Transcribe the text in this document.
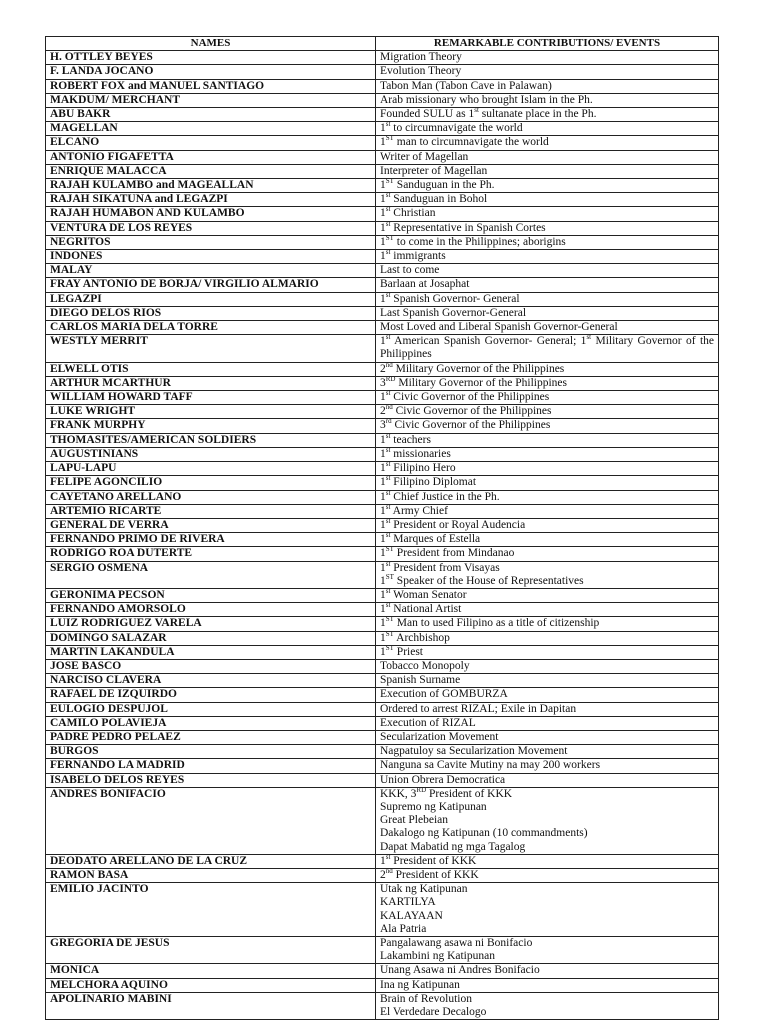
NAMES	REMARKABLE CONTRIBUTIONS/ EVENTS
H. OTTLEY BEYES	Migration Theory

F. LANDA JOCANO	Evolution Theory

ROBERT FOX and MANUEL SANTIAGO	Tabon Man (Tabon Cave in Palawan)

MAKDUM/ MERCHANT	Arab missionary who brought Islam in the Ph.

ABU BAKR	Founded SULU as 1st sultanate place in the Ph.

MAGELLAN	1st to circumnavigate the world

ELCANO	1ST man to circumnavigate the world

ANTONIO FIGAFETTA	Writer of Magellan

ENRIQUE MALACCA	Interpreter of Magellan

RAJAH KULAMBO and MAGEALLAN	1ST Sanduguan in the Ph.

RAJAH SIKATUNA and LEGAZPI	1st Sanduguan in Bohol

RAJAH HUMABON AND KULAMBO	1st Christian

VENTURA DE LOS REYES	1st Representative in Spanish Cortes

NEGRITOS	1ST to come in the Philippines; aborigins

INDONES	1st immigrants

MALAY	Last to come

FRAY ANTONIO DE BORJA/ VIRGILIO ALMARIO	Barlaan at Josaphat

LEGAZPI	1st Spanish Governor- General

DIEGO DELOS RIOS	Last Spanish Governor-General

CARLOS MARIA DELA TORRE	Most Loved and Liberal Spanish Governor-General

WESTLY MERRIT	1st American Spanish Governor- General; 1st Military Governor of the Philippines

ELWELL OTIS	2nd Military Governor of the Philippines

ARTHUR MCARTHUR	3RD Military Governor of the Philippines

WILLIAM HOWARD TAFF	1st Civic Governor of the Philippines

LUKE WRIGHT	2nd Civic Governor of the Philippines

FRANK MURPHY	3rd Civic Governor of the Philippines

THOMASITES/AMERICAN SOLDIERS	1st teachers

AUGUSTINIANS	1st missionaries

LAPU-LAPU	1st Filipino Hero

FELIPE AGONCILIO	1st Filipino Diplomat

CAYETANO ARELLANO	1st Chief Justice in the Ph.

ARTEMIO RICARTE	1st Army Chief

GENERAL DE VERRA	1st President or Royal Audencia

FERNANDO PRIMO DE RIVERA	1st Marques of Estella

RODRIGO ROA DUTERTE	1ST President from Mindanao

SERGIO OSMENA	1st President from Visayas
1ST Speaker of the House of Representatives

GERONIMA PECSON	1st Woman Senator

FERNANDO AMORSOLO	1st National Artist

LUIZ RODRIGUEZ VARELA	1ST Man to used Filipino as a title of citizenship

DOMINGO SALAZAR	1ST Archbishop

MARTIN LAKANDULA	1ST Priest

JOSE BASCO	Tobacco Monopoly

NARCISO CLAVERA	Spanish Surname

RAFAEL DE IZQUIRDO	Execution of GOMBURZA

EULOGIO DESPUJOL	Ordered to arrest RIZAL; Exile in Dapitan

CAMILO POLAVIEJA	Execution of RIZAL

PADRE PEDRO PELAEZ	Secularization Movement

BURGOS	Nagpatuloy sa Secularization Movement

FERNANDO LA MADRID	Nanguna sa Cavite Mutiny na may 200 workers

ISABELO DELOS REYES	Union Obrera Democratica

ANDRES BONIFACIO	KKK, 3RD President of KKK
Supremo ng Katipunan
Great Plebeian
Dakalogo ng Katipunan (10 commandments)
Dapat Mabatid ng mga Tagalog

DEODATO ARELLANO DE LA CRUZ	1st President of KKK

RAMON BASA	2nd President of KKK

EMILIO JACINTO	Utak ng Katipunan
KARTILYA
KALAYAAN
Ala Patria

GREGORIA DE JESUS	Pangalawang asawa ni Bonifacio
Lakambini ng Katipunan

MONICA	Unang Asawa ni Andres Bonifacio

MELCHORA AQUINO	Ina ng Katipunan

APOLINARIO MABINI	Brain of Revolution
El Verdedare Decalogo
